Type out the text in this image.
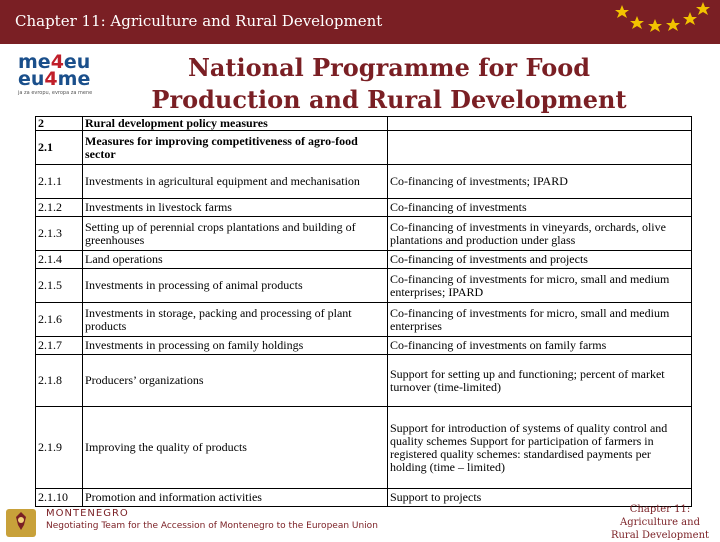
Chapter 11: Agriculture and Rural Development
me4eu
eu4me
ja za evropu, evropa za mene
National Programme for Food Production and Rural Development
2	Rural development policy measures	
2.1	Measures for improving competitiveness of agro-food sector	
2.1.1	Investments in agricultural equipment and mechanisation	Co-financing of investments; IPARD
2.1.2	Investments in livestock farms	Co-financing of investments
2.1.3	Setting up of perennial crops plantations and building of greenhouses	Co-financing of investments in vineyards, orchards, olive plantations and production under glass
2.1.4	Land operations	Co-financing of investments and projects
2.1.5	Investments in processing of animal products	Co-financing of investments for micro, small and medium enterprises; IPARD
2.1.6	Investments in storage, packing and processing of plant products	Co-financing of investments for micro, small and medium enterprises
2.1.7	Investments in processing on family holdings	Co-financing of investments on family farms
2.1.8	Producers’ organizations	Support for setting up and functioning; percent of market turnover (time-limited)
2.1.9	Improving the quality of products	Support for introduction of systems of quality control and quality schemes Support for participation of farmers in registered quality schemes: standardised payments per holding (time – limited)
2.1.10	Promotion and information activities	Support to projects
MONTENEGRO
Negotiating Team for the Accession of Montenegro to the European Union
Chapter 11:
Agriculture and
Rural Development
